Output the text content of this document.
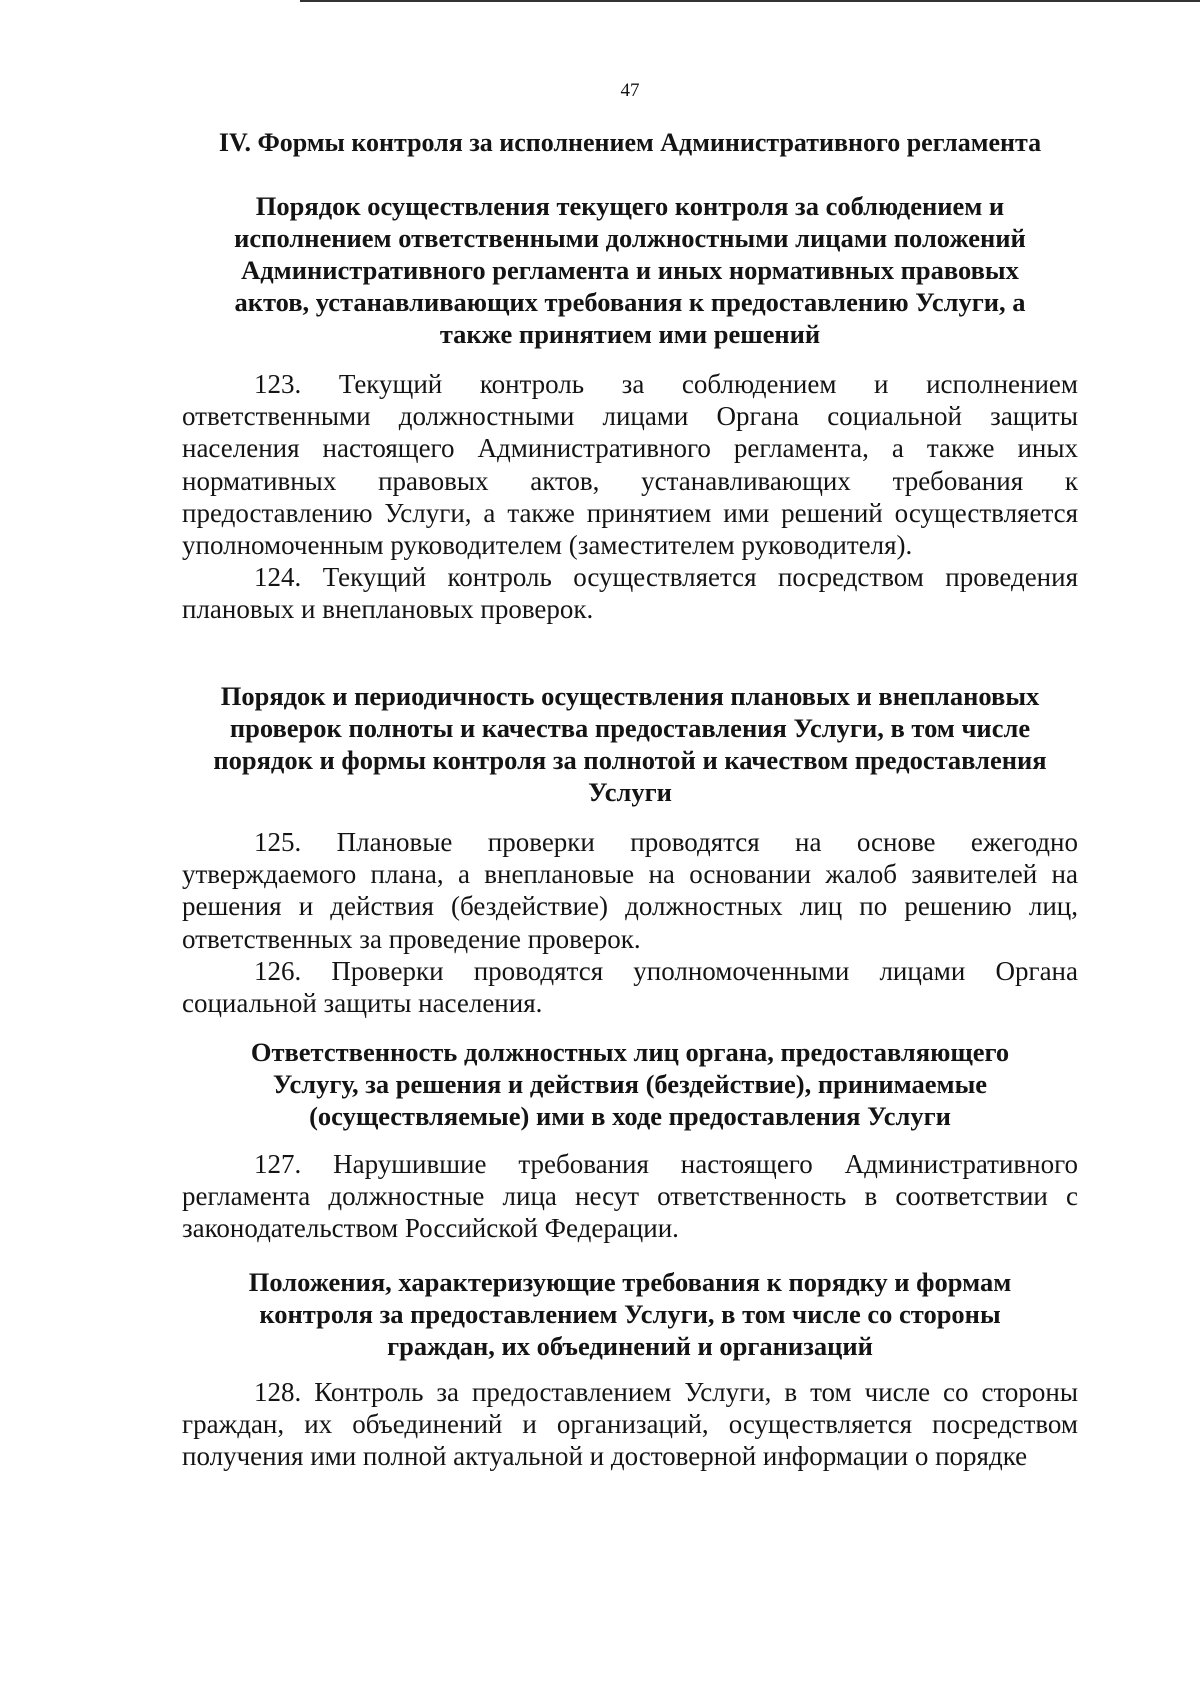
47
IV. Формы контроля за исполнением Административного регламента
Порядок осуществления текущего контроля за соблюдением и
исполнением ответственными должностными лицами положений
Административного регламента и иных нормативных правовых
актов, устанавливающих требования к предоставлению Услуги, а
также принятием ими решений

123. Текущий контроль за соблюдением и исполнением ответственными должностными лицами Органа социальной защиты населения настоящего Административного регламента, а также иных нормативных правовых актов, устанавливающих требования к предоставлению Услуги, а также принятием ими решений осуществляется уполномоченным руководителем (заместителем руководителя).

124. Текущий контроль осуществляется посредством проведения плановых и внеплановых проверок.

Порядок и периодичность осуществления плановых и внеплановых
проверок полноты и качества предоставления Услуги, в том числе
порядок и формы контроля за полнотой и качеством предоставления
Услуги

125. Плановые проверки проводятся на основе ежегодно утверждаемого плана, а внеплановые на основании жалоб заявителей на решения и действия (бездействие) должностных лиц по решению лиц, ответственных за проведение проверок.

126. Проверки проводятся уполномоченными лицами Органа социальной защиты населения.

Ответственность должностных лиц органа, предоставляющего
Услугу, за решения и действия (бездействие), принимаемые
(осуществляемые) ими в ходе предоставления Услуги

127. Нарушившие требования настоящего Административного регламента должностные лица несут ответственность в соответствии с законодательством Российской Федерации.

Положения, характеризующие требования к порядку и формам
контроля за предоставлением Услуги, в том числе со стороны
граждан, их объединений и организаций

128. Контроль за предоставлением Услуги, в том числе со стороны граждан, их объединений и организаций, осуществляется посредством получения ими полной актуальной и достоверной информации о порядке
